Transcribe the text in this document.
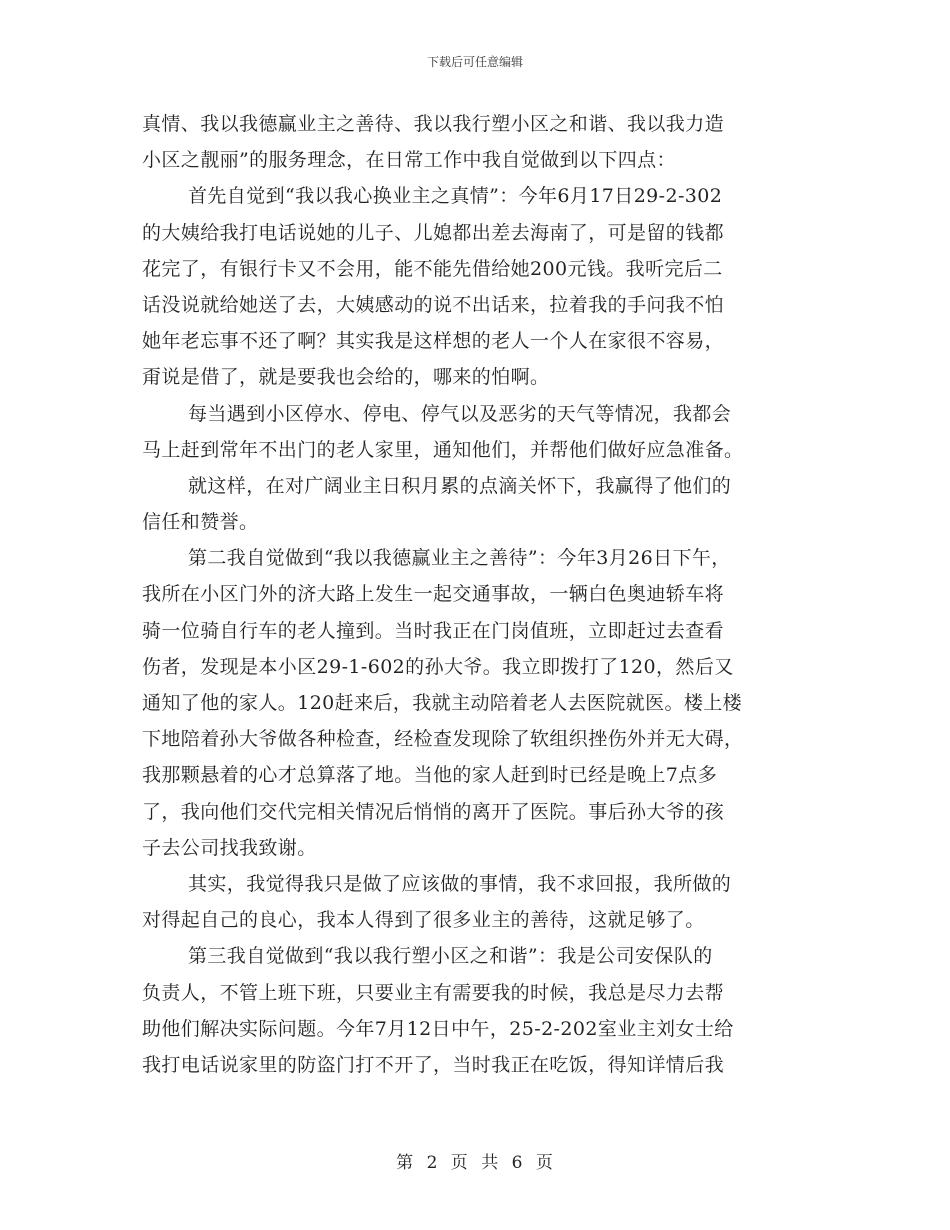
下载后可任意编辑
真情、我以我德赢业主之善待、我以我行塑小区之和谐、我以我力造
小区之靓丽”的服务理念，在日常工作中我自觉做到以下四点：
首先自觉到“我以我心换业主之真情”：今年6月17日29-2-302
的大姨给我打电话说她的儿子、儿媳都出差去海南了，可是留的钱都
花完了，有银行卡又不会用，能不能先借给她200元钱。我听完后二
话没说就给她送了去，大姨感动的说不出话来，拉着我的手问我不怕
她年老忘事不还了啊？其实我是这样想的老人一个人在家很不容易，
甭说是借了，就是要我也会给的，哪来的怕啊。
每当遇到小区停水、停电、停气以及恶劣的天气等情况，我都会
马上赶到常年不出门的老人家里，通知他们，并帮他们做好应急准备。
就这样，在对广阔业主日积月累的点滴关怀下，我赢得了他们的
信任和赞誉。
第二我自觉做到“我以我德赢业主之善待”：今年3月26日下午，
我所在小区门外的济大路上发生一起交通事故，一辆白色奥迪轿车将
骑一位骑自行车的老人撞到。当时我正在门岗值班，立即赶过去查看
伤者，发现是本小区29-1-602的孙大爷。我立即拨打了120，然后又
通知了他的家人。120赶来后，我就主动陪着老人去医院就医。楼上楼
下地陪着孙大爷做各种检查，经检查发现除了软组织挫伤外并无大碍，
我那颗悬着的心才总算落了地。当他的家人赶到时已经是晚上7点多
了，我向他们交代完相关情况后悄悄的离开了医院。事后孙大爷的孩
子去公司找我致谢。
其实，我觉得我只是做了应该做的事情，我不求回报，我所做的
对得起自己的良心，我本人得到了很多业主的善待，这就足够了。
第三我自觉做到“我以我行塑小区之和谐”：我是公司安保队的
负责人，不管上班下班，只要业主有需要我的时候，我总是尽力去帮
助他们解决实际问题。今年7月12日中午，25-2-202室业主刘女士给
我打电话说家里的防盗门打不开了，当时我正在吃饭，得知详情后我
第 2 页 共 6 页
